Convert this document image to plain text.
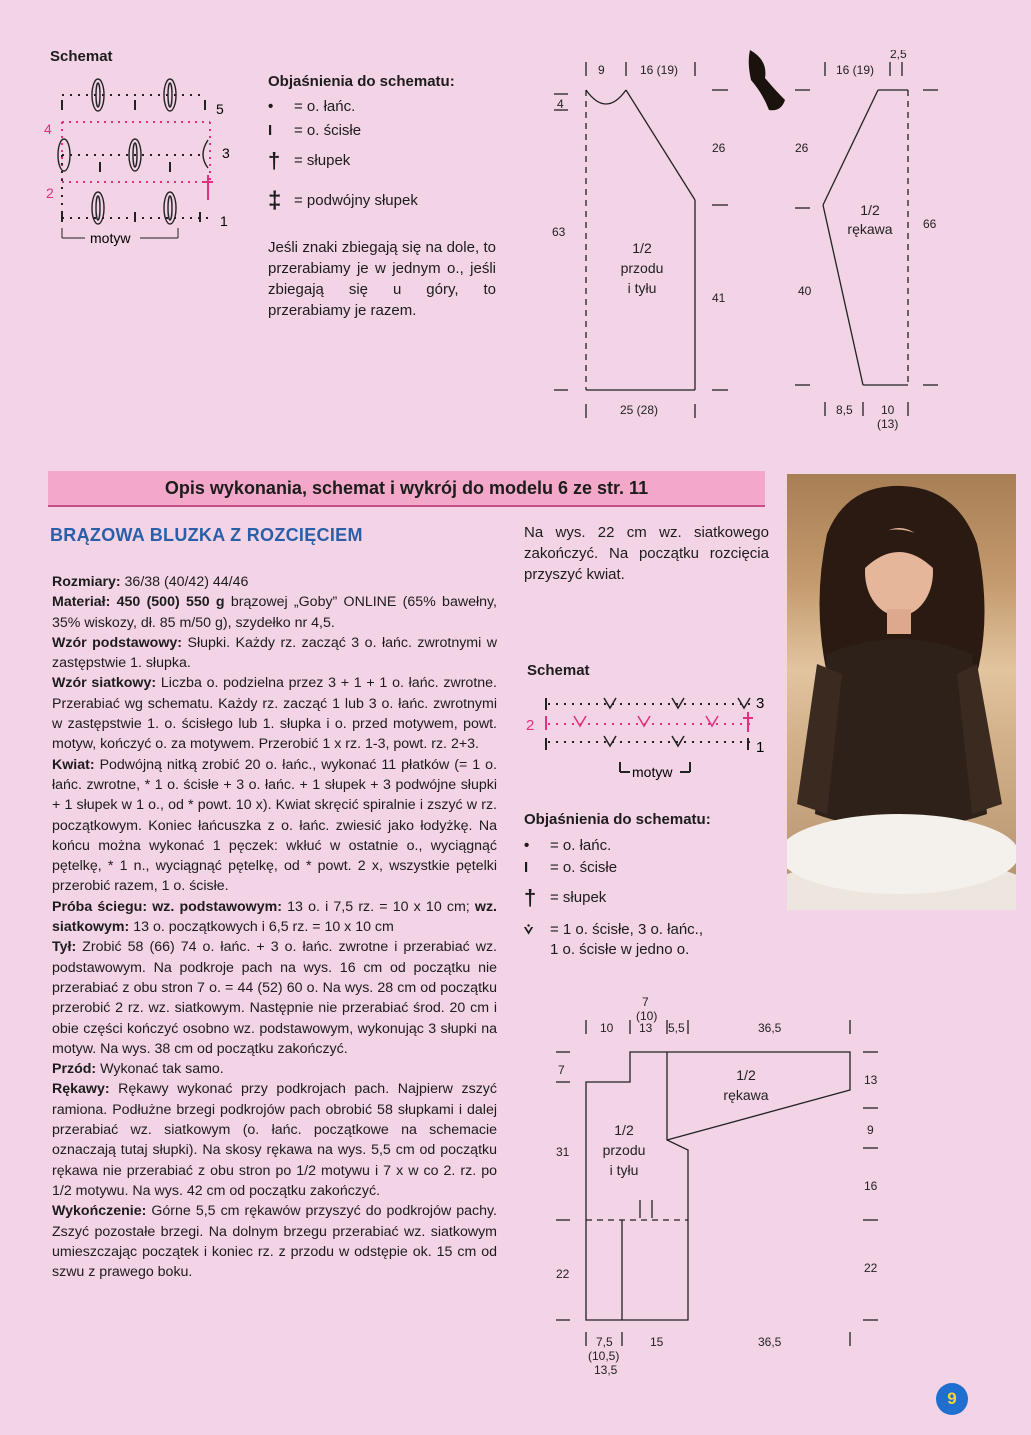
Schemat
5
4
3
2
1
motyw
Objaśnienia do schematu:
•	= o. łańc.
I	= o. ścisłe
† = słupek
‡ = podwójny słupek
Jeśli znaki zbiegają się na dole, to przerabiamy je w jednym o., jeśli zbiegają się u góry, to przerabiamy je razem.
9	16 (19)
4
63
26
41
25 (28)
16 (19)
2,5
26
40
66
8,5 10
(13)
1/2
przodu
i tyłu
1/2
rękawa
Opis wykonania, schemat i wykrój do modelu 6 ze str. 11
BRĄZOWA BLUZKA Z ROZCIĘCIEM

Rozmiary: 36/38 (40/42) 44/46

Materiał: 450 (500) 550 g brązowej „Goby” ONLINE (65% bawełny, 35% wiskozy, dł. 85 m/50 g), szydełko nr 4,5.

Wzór podstawowy: Słupki. Każdy rz. zacząć 3 o. łańc. zwrotnymi w zastępstwie 1. słupka.

Wzór siatkowy: Liczba o. podzielna przez 3 + 1 + 1 o. łańc. zwrotne. Przerabiać wg schematu. Każdy rz. zacząć 1 lub 3 o. łańc. zwrotnymi w zastępstwie 1. o. ścisłego lub 1. słupka i o. przed motywem, powt. motyw, kończyć o. za motywem. Przerobić 1 x rz. 1-3, powt. rz. 2+3.

Kwiat: Podwójną nitką zrobić 20 o. łańc., wykonać 11 płatków (= 1 o. łańc. zwrotne, * 1 o. ścisłe + 3 o. łańc. + 1 słupek + 3 podwójne słupki + 1 słupek w 1 o., od * powt. 10 x). Kwiat skręcić spiralnie i zszyć w rz. początkowym. Koniec łańcuszka z o. łańc. zwiesić jako łodyżkę. Na końcu można wykonać 1 pęczek: wkłuć w ostatnie o., wyciągnąć pętelkę, * 1 n., wyciągnąć pętelkę, od * powt. 2 x, wszystkie pętelki przerobić razem, 1 o. ścisłe.

Próba ściegu: wz. podstawowym: 13 o. i 7,5 rz. = 10 x 10 cm; wz. siatkowym: 13 o. początkowych i 6,5 rz. = 10 x 10 cm

Tył: Zrobić 58 (66) 74 o. łańc. + 3 o. łańc. zwrotne i przerabiać wz. podstawowym. Na podkroje pach na wys. 16 cm od początku nie przerabiać z obu stron 7 o. = 44 (52) 60 o. Na wys. 28 cm od początku przerobić 2 rz. wz. siatkowym. Następnie nie przerabiać środ. 20 cm i obie części kończyć osobno wz. podstawowym, wykonując 3 słupki na motyw. Na wys. 38 cm od początku zakończyć.

Przód: Wykonać tak samo.

Rękawy: Rękawy wykonać przy podkrojach pach. Najpierw zszyć ramiona. Podłużne brzegi podkrojów pach obrobić 58 słupkami i dalej przerabiać wz. siatkowym (o. łańc. początkowe na schemacie oznaczają tutaj słupki). Na skosy rękawa na wys. 5,5 cm od początku rękawa nie przerabiać z obu stron po 1/2 motywu i 7 x w co 2. rz. po 1/2 motywu. Na wys. 42 cm od początku zakończyć.

Wykończenie: Górne 5,5 cm rękawów przyszyć do podkrojów pachy. Zszyć pozostałe brzegi. Na dolnym brzegu przerabiać wz. siatkowym umieszczając początek i koniec rz. z przodu w odstępie ok. 15 cm od szwu z prawego boku.

Na wys. 22 cm wz. siatkowego zakończyć. Na początku rozcięcia przyszyć kwiat.
Schemat
3
2
1
motyw
Objaśnienia do schematu:
•	= o. łańc.
I	= o. ścisłe
† = słupek
⩒	= 1 o. ścisłe, 3 o. łańc.,
1 o. ścisłe w jedno o.
10
7
(10)
13 5,5	36,5
7
31
22
13
9
16
22
7,5
(10,5)
13,5
15	36,5
1/2
przodu
i tyłu
1/2
rękawa
9
